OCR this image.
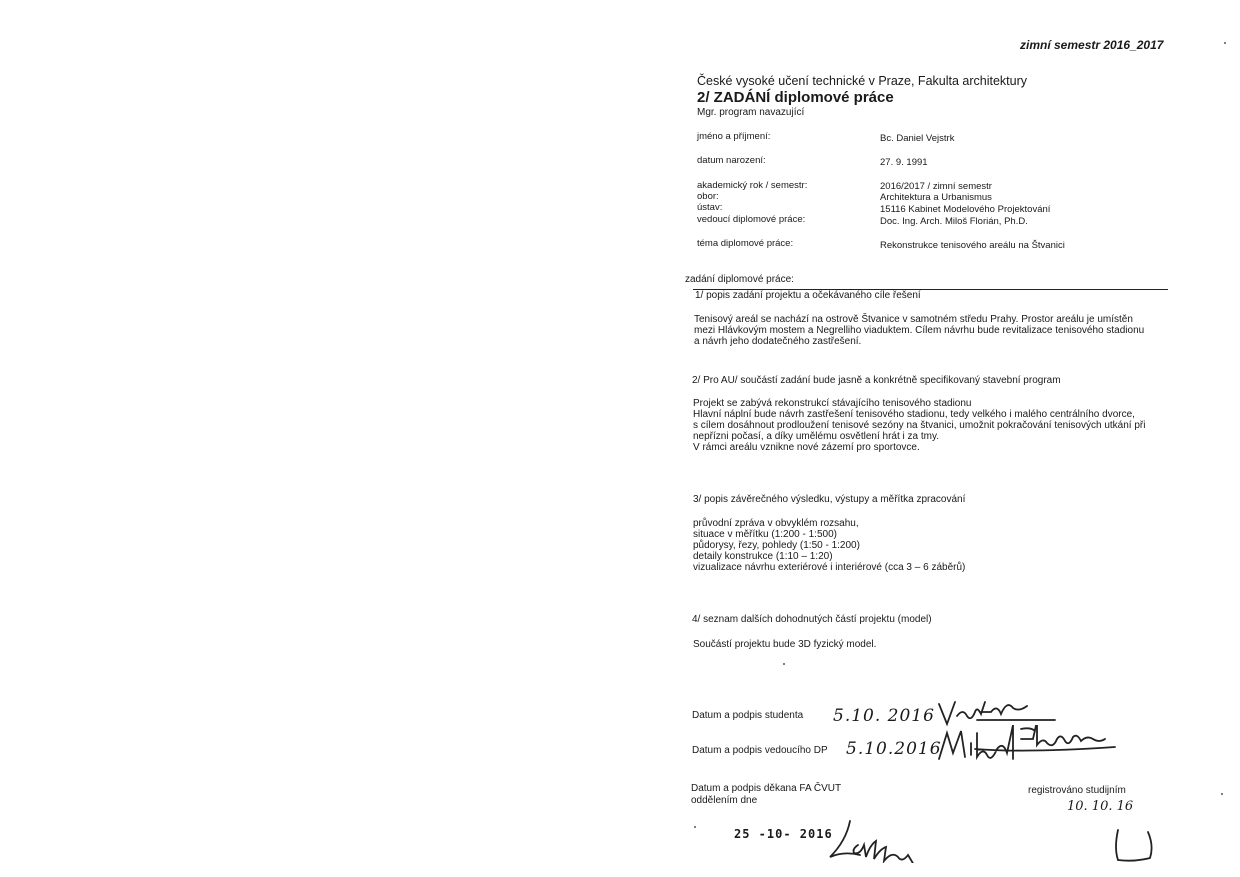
zimní semestr 2016_2017
České vysoké učení technické v Praze, Fakulta architektury
2/ ZADÁNÍ diplomové práce
Mgr. program navazující
jméno a příjmení:	Bc. Daniel Vejstrk
datum narození:	27. 9. 1991
akademický rok / semestr:	2016/2017 / zimní semestr
obor:	Architektura a Urbanismus
ústav:	15116 Kabinet Modelového Projektování
vedoucí diplomové práce:	Doc. Ing. Arch. Miloš Florián, Ph.D.
téma diplomové práce:	Rekonstrukce tenisového areálu na Štvanici
zadání diplomové práce:
1/ popis zadání projektu a očekávaného cíle řešení
Tenisový areál se nachází na ostrově Štvanice v samotném středu Prahy. Prostor areálu je umístěn
mezi Hlávkovým mostem a Negrelliho viaduktem. Cílem návrhu bude revitalizace tenisového stadionu
a návrh jeho dodatečného zastřešení.
2/ Pro AU/ součástí zadání bude jasně a konkrétně specifikovaný stavební program
Projekt se zabývá rekonstrukcí stávajícího tenisového stadionu
Hlavní náplní bude návrh zastřešení tenisového stadionu, tedy velkého i malého centrálního dvorce,
s cílem dosáhnout prodloužení tenisové sezóny na štvanici, umožnit pokračování tenisových utkání při
nepřízni počasí, a díky umělému osvětlení hrát i za tmy.
V rámci areálu vznikne nové zázemí pro sportovce.
3/ popis závěrečného výsledku, výstupy a měřítka zpracování
průvodní zpráva v obvyklém rozsahu,
situace v měřítku (1:200 - 1:500)
půdorysy, řezy, pohledy (1:50 - 1:200)
detaily konstrukce (1:10 – 1:20)
vizualizace návrhu exteriérové i interiérové (cca 3 – 6 záběrů)
4/ seznam dalších dohodnutých částí projektu (model)
Součástí projektu bude 3D fyzický model.
Datum a podpis studenta 5.10. 2016
Datum a podpis vedoucího DP 5.10.2016
Datum a podpis děkana FA ČVUT
oddělením dne
25 -10- 2016
registrováno studijním
10. 10. 16
